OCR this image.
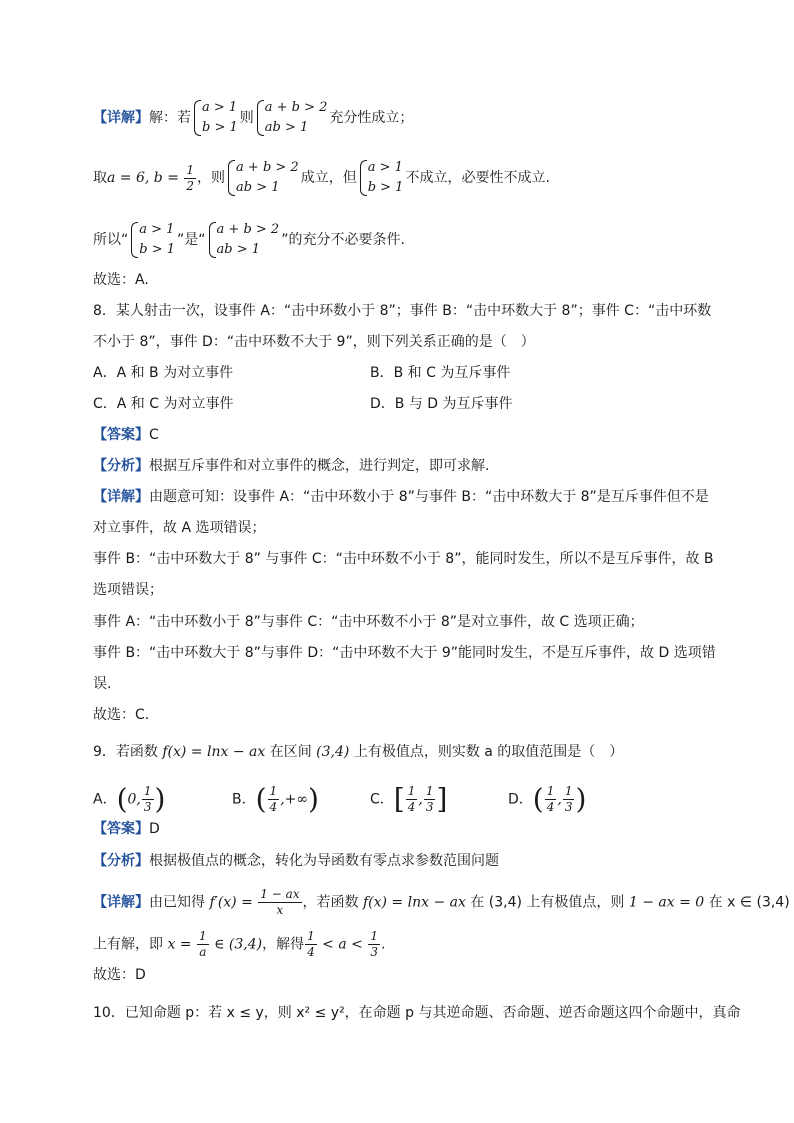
【详解】解：若
a > 1
b > 1
则
a + b > 2
ab > 1
充分性成立；
取a = 6, $b = \frac{1}{2}$ ，则
a + b > 2
ab > 1
成立，但
a > 1
b > 1
不成立，必要性不成立.
所以“
a > 1
b > 1
”是“
a + b > 2
ab > 1
”的充分不必要条件.
故选：A.
8．某人射击一次，设事件 A：“击中环数小于 8”；事件 B：“击中环数大于 8”；事件 C：“击中环数
不小于 8”，事件 D：“击中环数不大于 9”，则下列关系正确的是（　）
A．A 和 B 为对立事件	B．B 和 C 为互斥事件
C．A 和 C 为对立事件	D．B 与 D 为互斥事件
【答案】C
【分析】根据互斥事件和对立事件的概念，进行判定，即可求解.
【详解】由题意可知：设事件 A：“击中环数小于 8”与事件 B：“击中环数大于 8”是互斥事件但不是
对立事件，故 A 选项错误；
事件 B：“击中环数大于 8” 与事件 C：“击中环数不小于 8”，能同时发生，所以不是互斥事件，故 B
选项错误；
事件 A：“击中环数小于 8”与事件 C：“击中环数不小于 8”是对立事件，故 C 选项正确；
事件 B：“击中环数大于 8”与事件 D：“击中环数不大于 9”能同时发生，不是互斥事件，故 D 选项错
误.
故选：C.
9．若函数 f(x) = lnx − ax 在区间 (3,4) 上有极值点，则实数 a 的取值范围是（　）
A．(0, $\frac{1}{3}$ )	B．( $\frac{1}{4}$ ,+∞)	C．[ $\frac{1}{4}$ , $\frac{1}{3}$ ]	D．( $\frac{1}{4}$ , $\frac{1}{3}$ )
【答案】D
【分析】根据极值点的概念，转化为导函数有零点求参数范围问题
【详解】由已知得 $f'(x) = \frac{1 - ax}{x}$ ，若函数 f(x) = lnx − ax 在 (3,4) 上有极值点，则 1 − ax = 0 在 x ∈ (3,4)
上有解，即 $x = \frac{1}{a}$ ∈ (3,4)，解得 $\frac{1}{4} < a < \frac{1}{3}$ .
故选：D
10．已知命题 p：若 x ≤ y，则 x² ≤ y²，在命题 p 与其逆命题、否命题、逆否命题这四个命题中，真命
